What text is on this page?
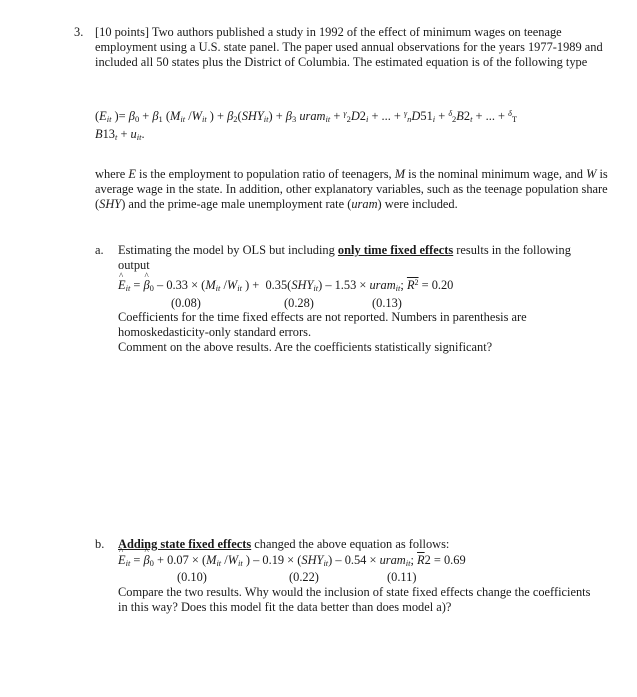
3. [10 points] Two authors published a study in 1992 of the effect of minimum wages on teenage employment using a U.S. state panel. The paper used annual observations for the years 1977-1989 and included all 50 states plus the District of Columbia. The estimated equation is of the following type
($E_{it}$ )= $\beta_0 + \beta_1$ ($M_{it}$ $/W_{it}$ ) + $\beta_2(SHY_{it}) + \beta_3$ uram$_{it}$ + $^\gamma_2D2_i$ + ... + $^\gamma_nD51_i + ^\delta_2B2_t$ + ... + $^\delta_T$
$B13_t + u_{it}$.
where E is the employment to population ratio of teenagers, M is the nominal minimum wage, and W is average wage in the state. In addition, other explanatory variables, such as the teenage population share (SHY) and the prime-age male unemployment rate (uram) were included.
a. Estimating the model by OLS but including only time fixed effects results in the following output
^ $E_{it}$ = ^ $\beta_0 - 0.33 \times (M_{it}$ $/W_{it}$ ) +  $0.35(SHY_{it}) - 1.53$ × uram$_{it}$; $R^2 = 0.20$
(0.08)	(0.28)	(0.13)
Coefficients for the time fixed effects are not reported. Numbers in parenthesis are homoskedasticity-only standard errors.
Comment on the above results. Are the coefficients statistically significant?
b. Adding state fixed effects changed the above equation as follows:
^ $E_{it}$ = ^ $\beta_0 + 0.07 \times (M_{it}$ $/W_{it}$ ) – $0.19 \times (SHY_{it}) - 0.54$ × uram$_{it}$; $\overline{R}2 = 0.69$
(0.10)	(0.22)	(0.11)
Compare the two results. Why would the inclusion of state fixed effects change the coefficients in this way? Does this model fit the data better than does model a)?
